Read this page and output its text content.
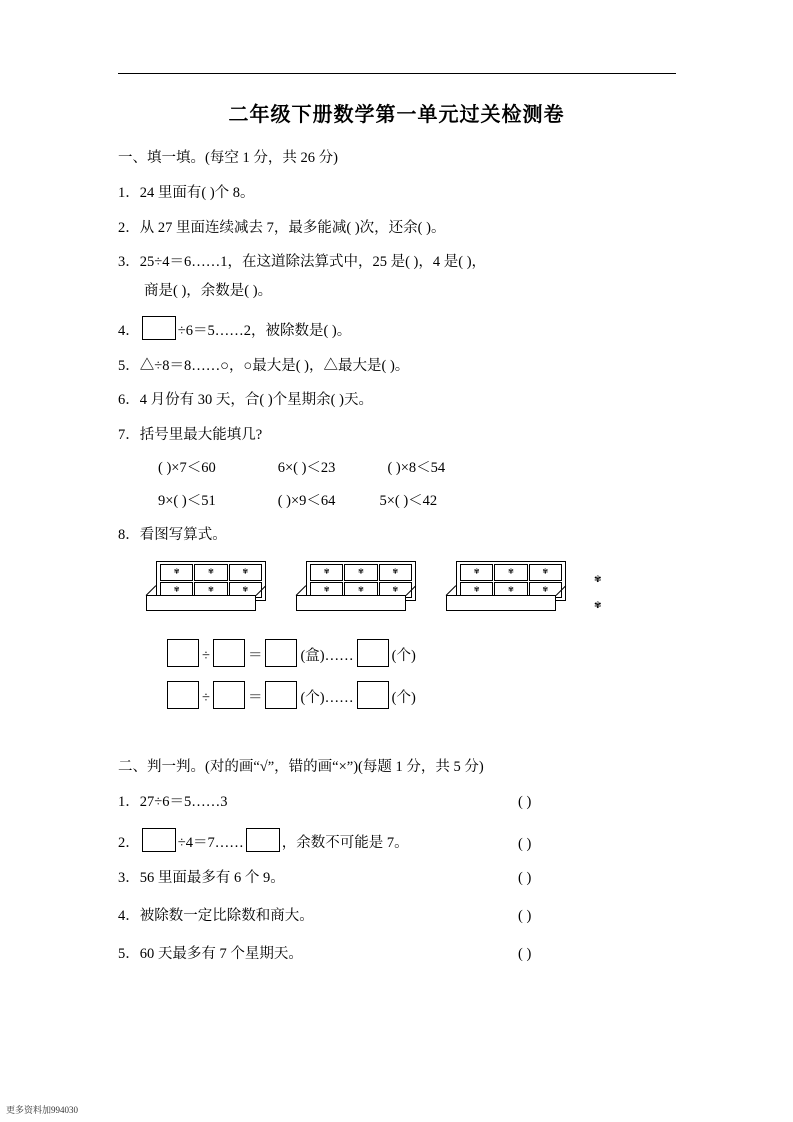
二年级下册数学第一单元过关检测卷
一、填一填。(每空 1 分，共 26 分)
1．24 里面有( )个 8。
2．从 27 里面连续减去 7，最多能减( )次，还余( )。
3．25÷4＝6……1，在这道除法算式中，25 是( )，4 是( )，
商是( )，余数是( )。
4．	÷6＝5……2，被除数是( )。
5．△÷8＝8……○，○最大是( )，△最大是( )。
6．4 月份有 30 天，合( )个星期余( )天。
7．括号里最大能填几?
( )×7＜60	6×( )＜23	( )×8＜54
9×( )＜51	( )×9＜64	5×( )＜42
8．看图写算式。
✾	✾	✾
✾	✾	✾
✾	✾	✾
✾	✾	✾
✾	✾	✾
✾	✾	✾
✾
✾
÷	＝	(盒)……	(个)
÷	＝	(个)……	(个)
二、判一判。(对的画“√”，错的画“×”)(每题 1 分，共 5 分)
1．27÷6＝5……3	( )
2．	÷4＝7……	，余数不可能是 7。	( )
3．56 里面最多有 6 个 9。	( )
4．被除数一定比除数和商大。	( )
5．60 天最多有 7 个星期天。	( )
更多资料加994030
